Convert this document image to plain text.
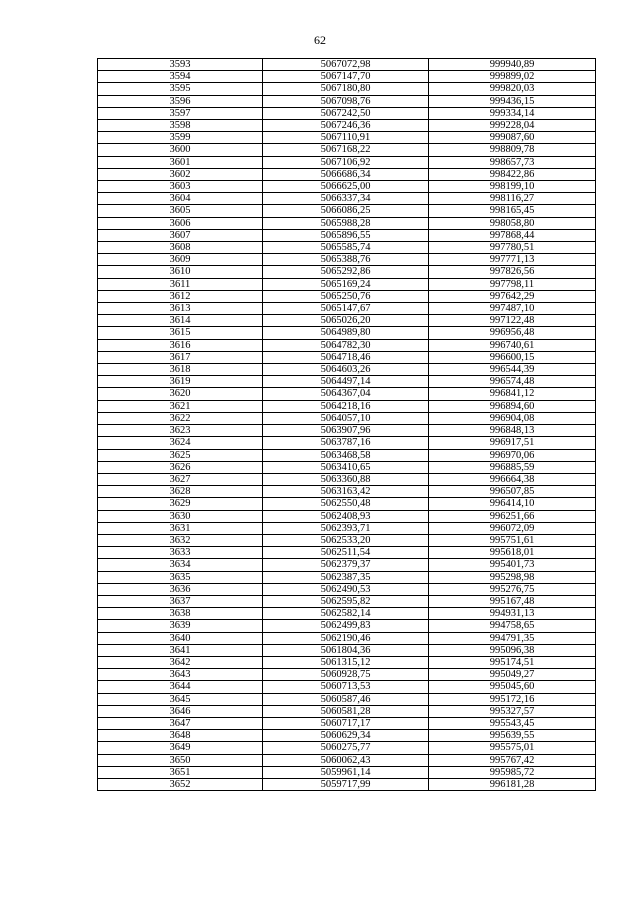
62
3593	5067072,98	999940,89
3594	5067147,70	999899,02
3595	5067180,80	999820,03
3596	5067098,76	999436,15
3597	5067242,50	999334,14
3598	5067246,36	999228,04
3599	5067110,91	999087,60
3600	5067168,22	998809,78
3601	5067106,92	998657,73
3602	5066686,34	998422,86
3603	5066625,00	998199,10
3604	5066337,34	998116,27
3605	5066086,25	998165,45
3606	5065988,28	998058,80
3607	5065896,55	997868,44
3608	5065585,74	997780,51
3609	5065388,76	997771,13
3610	5065292,86	997826,56
3611	5065169,24	997798,11
3612	5065250,76	997642,29
3613	5065147,67	997487,10
3614	5065026,20	997122,48
3615	5064989,80	996956,48
3616	5064782,30	996740,61
3617	5064718,46	996600,15
3618	5064603,26	996544,39
3619	5064497,14	996574,48
3620	5064367,04	996841,12
3621	5064218,16	996894,60
3622	5064057,10	996904,08
3623	5063907,96	996848,13
3624	5063787,16	996917,51
3625	5063468,58	996970,06
3626	5063410,65	996885,59
3627	5063360,88	996664,38
3628	5063163,42	996507,85
3629	5062550,48	996414,10
3630	5062408,93	996251,66
3631	5062393,71	996072,09
3632	5062533,20	995751,61
3633	5062511,54	995618,01
3634	5062379,37	995401,73
3635	5062387,35	995298,98
3636	5062490,53	995276,75
3637	5062595,82	995167,48
3638	5062582,14	994931,13
3639	5062499,83	994758,65
3640	5062190,46	994791,35
3641	5061804,36	995096,38
3642	5061315,12	995174,51
3643	5060928,75	995049,27
3644	5060713,53	995045,60
3645	5060587,46	995172,16
3646	5060581,28	995327,57
3647	5060717,17	995543,45
3648	5060629,34	995639,55
3649	5060275,77	995575,01
3650	5060062,43	995767,42
3651	5059961,14	995985,72
3652	5059717,99	996181,28
